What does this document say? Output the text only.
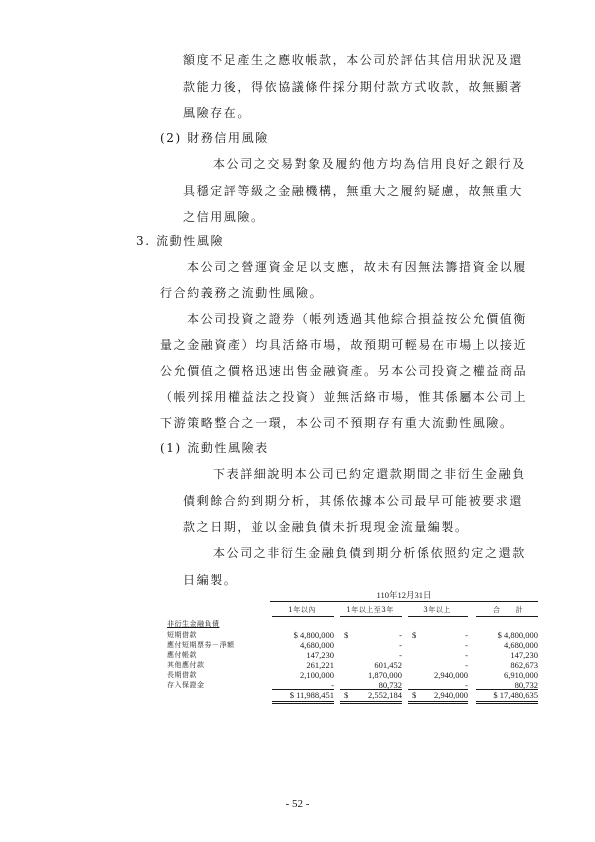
額度不足產生之應收帳款，本公司於評估其信用狀況及還
款能力後，得依協議條件採分期付款方式收款，故無顯著
風險存在。
(2) 財務信用風險
本公司之交易對象及履約他方均為信用良好之銀行及
具穩定評等級之金融機構，無重大之履約疑慮，故無重大
之信用風險。
3. 流動性風險
本公司之營運資金足以支應，故未有因無法籌措資金以履
行合約義務之流動性風險。
本公司投資之證券（帳列透過其他綜合損益按公允價值衡
量之金融資產）均具活絡市場，故預期可輕易在市場上以接近
公允價值之價格迅速出售金融資產。另本公司投資之權益商品
（帳列採用權益法之投資）並無活絡市場，惟其係屬本公司上
下游策略整合之一環，本公司不預期存有重大流動性風險。
(1) 流動性風險表
下表詳細說明本公司已約定還款期間之非衍生金融負
債剩餘合約到期分析，其係依據本公司最早可能被要求還
款之日期，並以金融負債未折現現金流量編製。
本公司之非衍生金融負債到期分析係依照約定之還款
日編製。
110年12月31日
1年以內	1年以上至3年	3年以上	合　　計
非衍生金融負債
短期借款	$ 4,800,000 $	- $	-	$ 4,800,000
應付短期票券－淨額	4,680,000	-	-	4,680,000
應付帳款	147,230	-	-	147,230
其他應付款	261,221	601,452	-	862,673
長期借款	2,100,000	1,870,000	2,940,000	6,910,000
存入保證金	-	80,732	-	80,732
$ 11,988,451 $	2,552,184 $	2,940,000	$ 17,480,635
- 52 -
